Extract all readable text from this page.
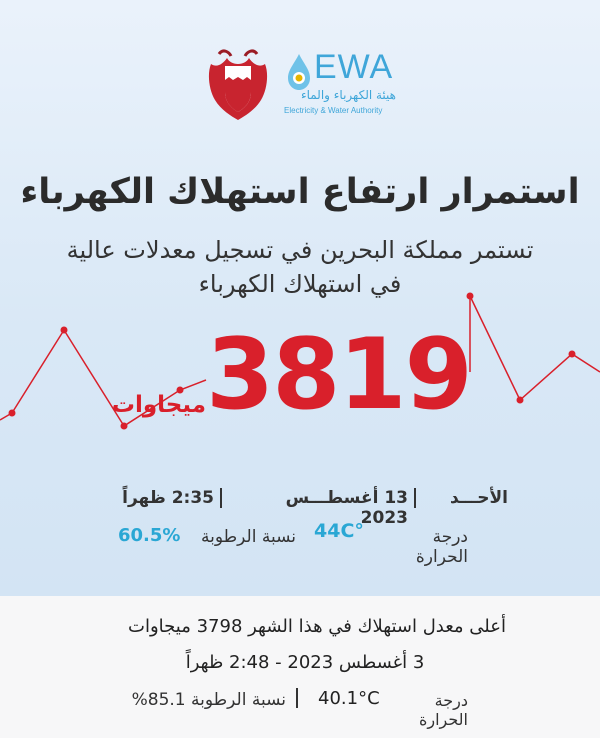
EWA
هيئة الكهرباء والماء
Electricity & Water Authority
استمرار ارتفاع استهلاك الكهرباء
تستمر مملكة البحرين في تسجيل معدلات عالية
في استهلاك الكهرباء
3819
ميجاوات
الأحـــد
13 أغسطـــس 2023
2:35 ظهراً
درجة الحرارة
44C°
نسبة الرطوبة
60.5%
أعلى معدل استهلاك في هذا الشهر 3798 ميجاوات
3 أغسطس 2023 - 2:48 ظهراً
درجة الحرارة
40.1°C
نسبة الرطوبة 85.1%
